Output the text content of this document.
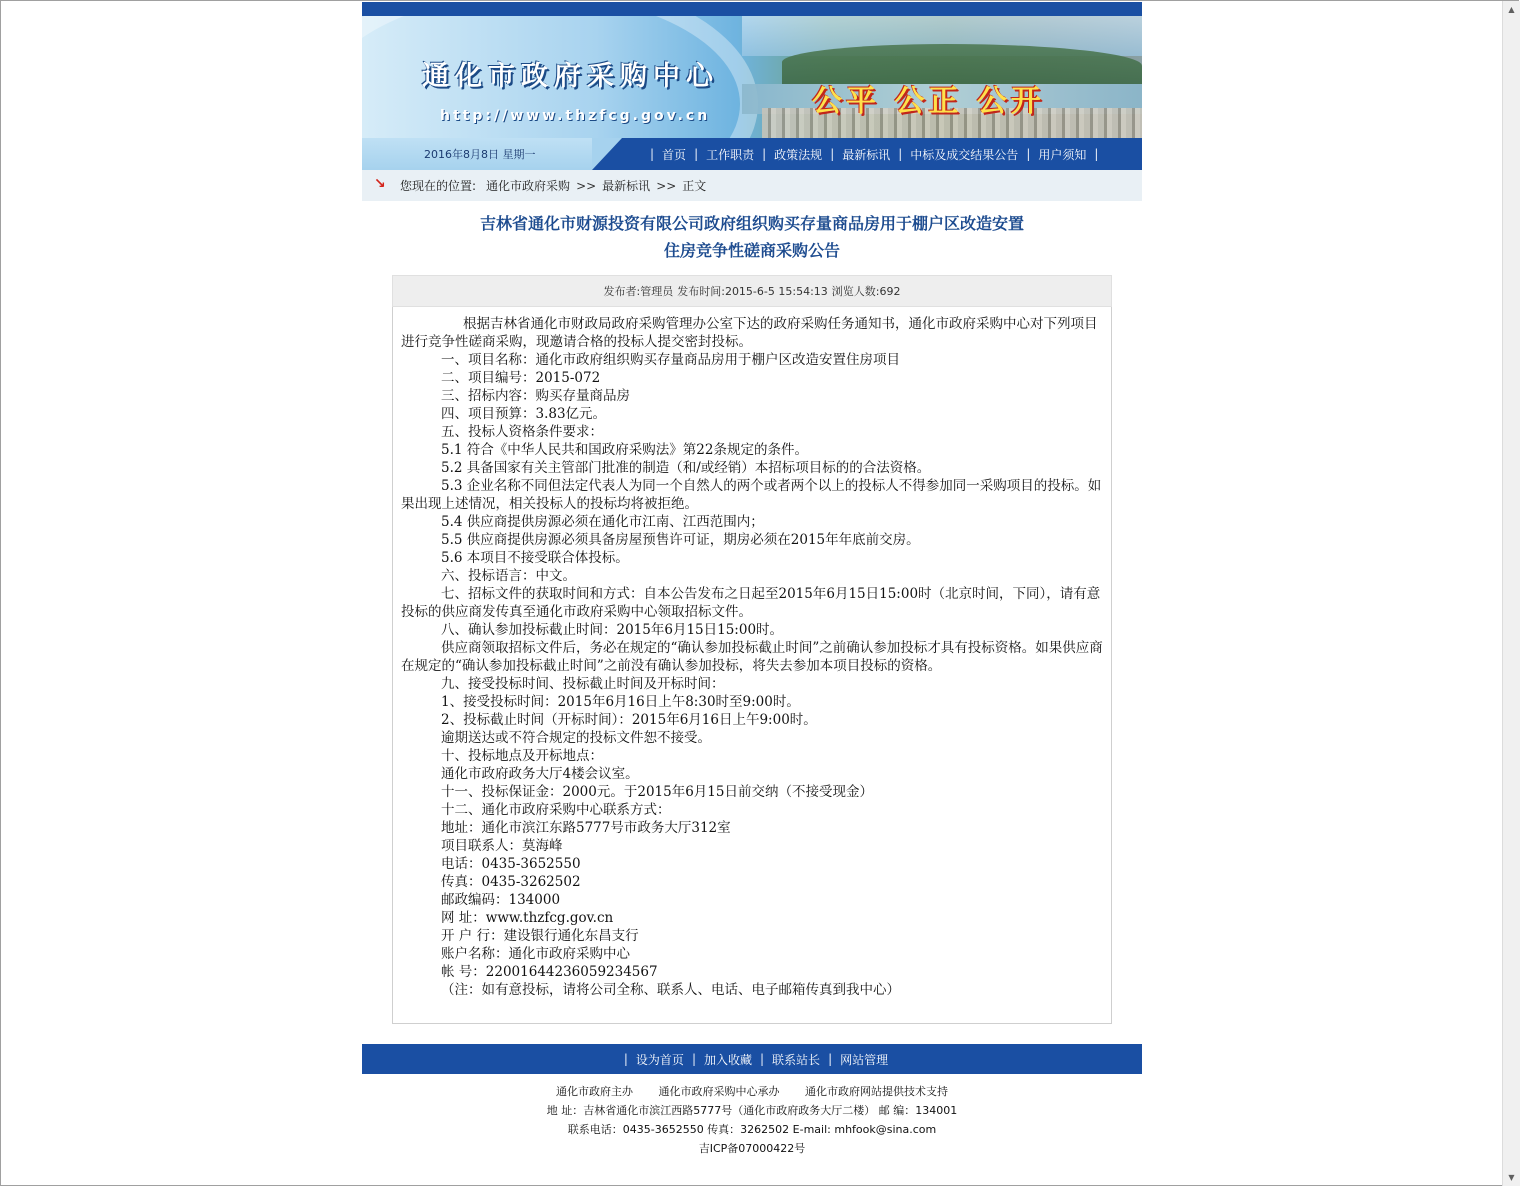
▲
▼
通化市政府采购中心
http://www.thzfcg.gov.cn	公平 公正 公开
2016年8月8日 星期一	| 首页 | 工作职责 | 政策法规 | 最新标讯 | 中标及成交结果公告 | 用户须知 |
↘
您现在的位置: 通化市政府采购 >> 最新标讯 >> 正文
吉林省通化市财源投资有限公司政府组织购买存量商品房用于棚户区改造安置
住房竞争性磋商采购公告
发布者:管理员 发布时间:2015-6-5 15:54:13 浏览人数:692

根据吉林省通化市财政局政府采购管理办公室下达的政府采购任务通知书，通化市政府采购中心对下列项目进行竞争性磋商采购，现邀请合格的投标人提交密封投标。

一、项目名称：通化市政府组织购买存量商品房用于棚户区改造安置住房项目

二、项目编号：2015-072

三、招标内容：购买存量商品房

四、项目预算：3.83亿元。

五、投标人资格条件要求：

5.1 符合《中华人民共和国政府采购法》第22条规定的条件。

5.2 具备国家有关主管部门批准的制造（和/或经销）本招标项目标的的合法资格。

5.3 企业名称不同但法定代表人为同一个自然人的两个或者两个以上的投标人不得参加同一采购项目的投标。如果出现上述情况，相关投标人的投标均将被拒绝。

5.4 供应商提供房源必须在通化市江南、江西范围内；

5.5 供应商提供房源必须具备房屋预售许可证，期房必须在2015年年底前交房。

5.6 本项目不接受联合体投标。

六、投标语言：中文。

七、招标文件的获取时间和方式：自本公告发布之日起至2015年6月15日15:00时（北京时间，下同），请有意投标的供应商发传真至通化市政府采购中心领取招标文件。

八、确认参加投标截止时间：2015年6月15日15:00时。

供应商领取招标文件后，务必在规定的“确认参加投标截止时间”之前确认参加投标才具有投标资格。如果供应商在规定的“确认参加投标截止时间”之前没有确认参加投标，将失去参加本项目投标的资格。

九、接受投标时间、投标截止时间及开标时间：

1、接受投标时间：2015年6月16日上午8:30时至9:00时。

2、投标截止时间（开标时间）：2015年6月16日上午9:00时。

逾期送达或不符合规定的投标文件恕不接受。

十、投标地点及开标地点：

通化市政府政务大厅4楼会议室。

十一、投标保证金：2000元。于2015年6月15日前交纳（不接受现金）

十二、通化市政府采购中心联系方式：

地址：通化市滨江东路5777号市政务大厅312室

项目联系人：莫海峰

电话：0435-3652550

传真：0435-3262502

邮政编码：134000

网 址：www.thzfcg.gov.cn

开 户 行：建设银行通化东昌支行

账户名称：通化市政府采购中心

帐 号：22001644236059234567

（注：如有意投标，请将公司全称、联系人、电话、电子邮箱传真到我中心）

| 设为首页 | 加入收藏 | 联系站长 | 网站管理
通化市政府主办 通化市政府采购中心承办 通化市政府网站提供技术支持
地 址：吉林省通化市滨江西路5777号（通化市政府政务大厅二楼） 邮 编：134001
联系电话：0435-3652550 传真：3262502 E-mail: mhfook@sina.com
吉ICP备07000422号
